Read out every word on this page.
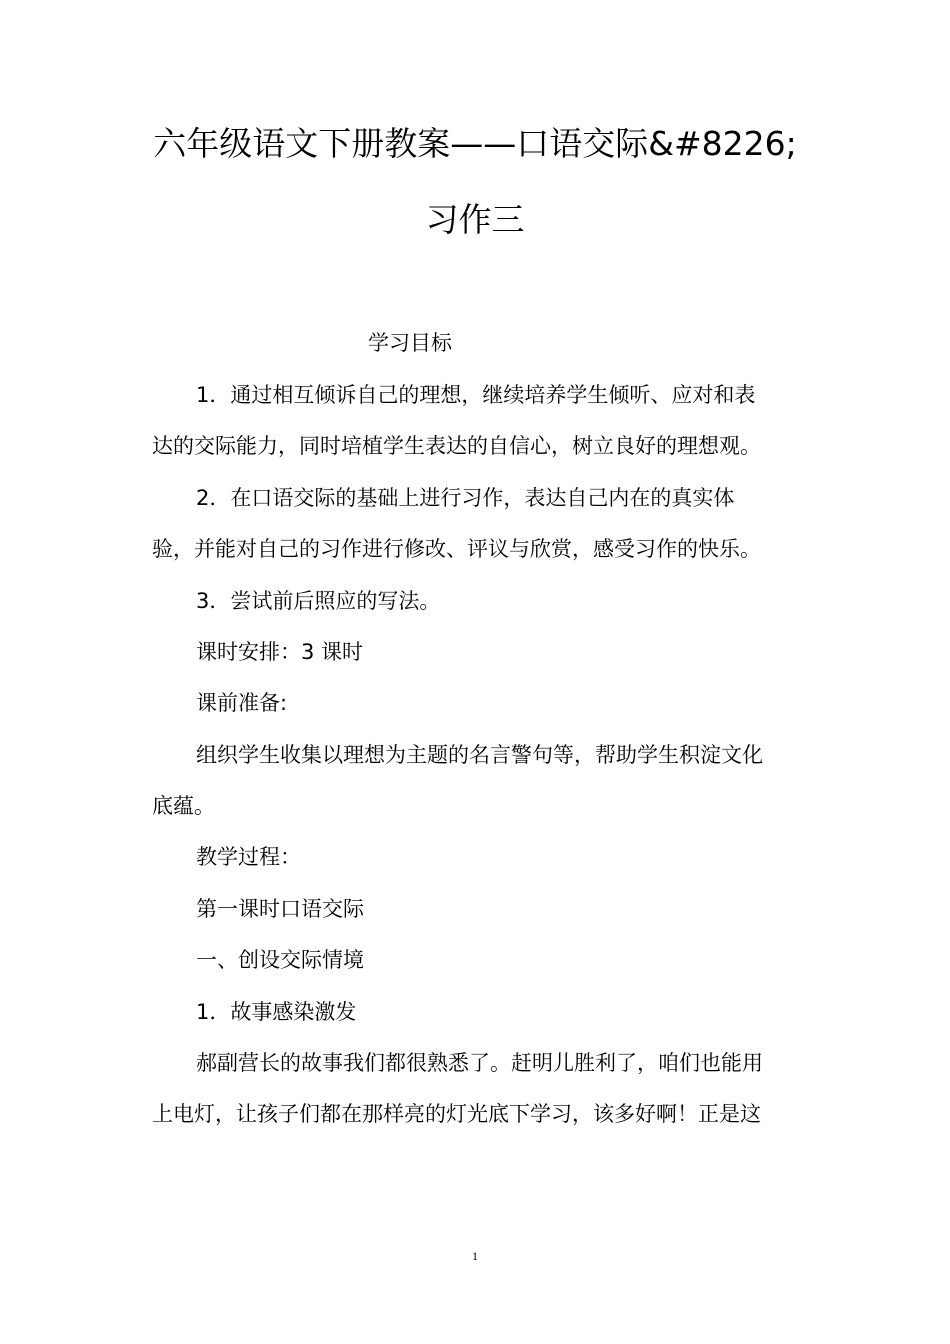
六年级语文下册教案——口语交际&#8226;
习作三

学习目标

1．通过相互倾诉自己的理想，继续培养学生倾听、应对和表

达的交际能力，同时培植学生表达的自信心，树立良好的理想观。

2．在口语交际的基础上进行习作，表达自己内在的真实体

验，并能对自己的习作进行修改、评议与欣赏，感受习作的快乐。

3．尝试前后照应的写法。

课时安排：3 课时

课前准备:

组织学生收集以理想为主题的名言警句等，帮助学生积淀文化

底蕴。

教学过程：

第一课时口语交际

一、创设交际情境

1．故事感染激发

郝副营长的故事我们都很熟悉了。赶明儿胜利了，咱们也能用

上电灯，让孩子们都在那样亮的灯光底下学习，该多好啊！正是这

1
